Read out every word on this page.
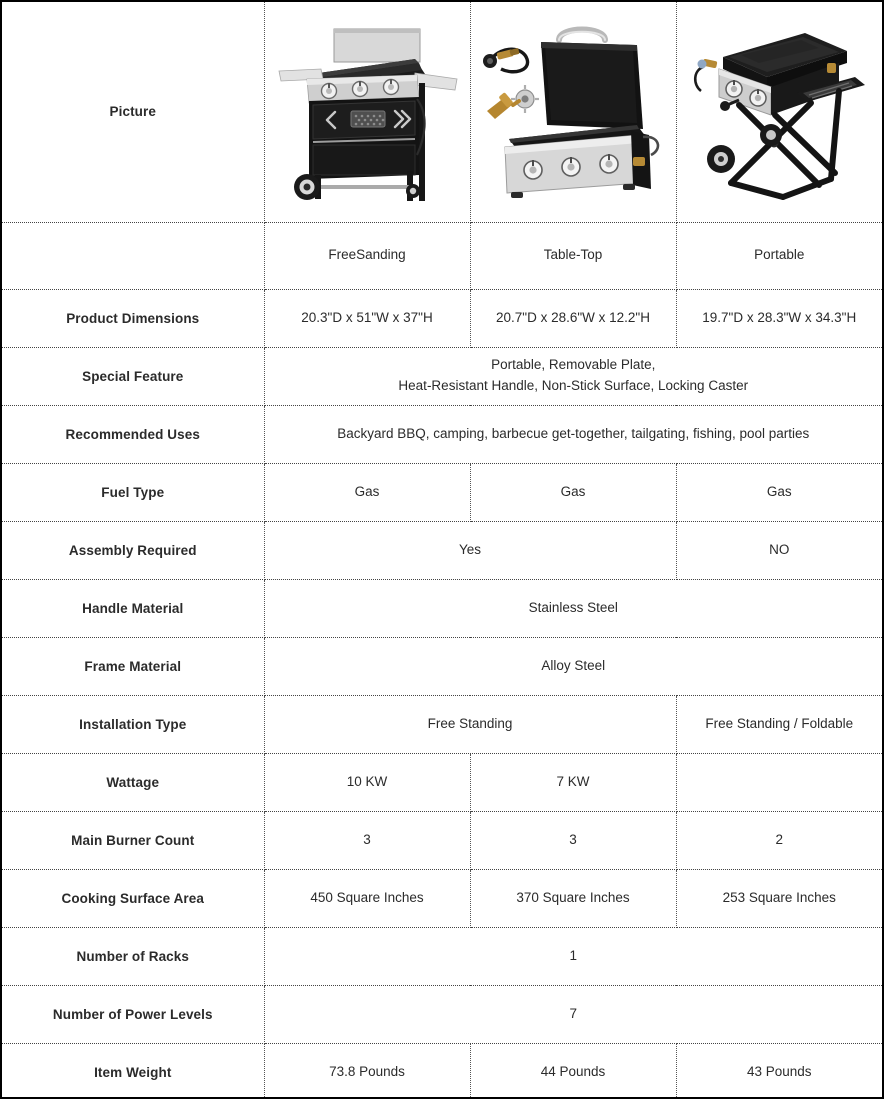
Picture	

	FreeSanding	Table-Top	Portable
Product Dimensions	20.3"D x 51"W x 37"H	20.7"D x 28.6"W x 12.2"H	19.7"D x 28.3"W x 34.3"H
Special Feature	Portable, Removable Plate,
Heat-Resistant Handle, Non-Stick Surface, Locking Caster		

Recommended Uses	Backyard BBQ, camping, barbecue get-together, tailgating, fishing, pool parties		
Fuel Type	Gas	Gas	Gas
Assembly Required	Yes		NO
Handle Material	Stainless Steel		
Frame Material	Alloy Steel		
Installation Type	Free Standing		Free Standing / Foldable
Wattage	10 KW	7 KW	
Main Burner Count	3	3	2
Cooking Surface Area	450 Square Inches	370 Square Inches	253 Square Inches
Number of Racks	1		
Number of Power Levels	7		
Item Weight	73.8 Pounds	44 Pounds	43 Pounds
